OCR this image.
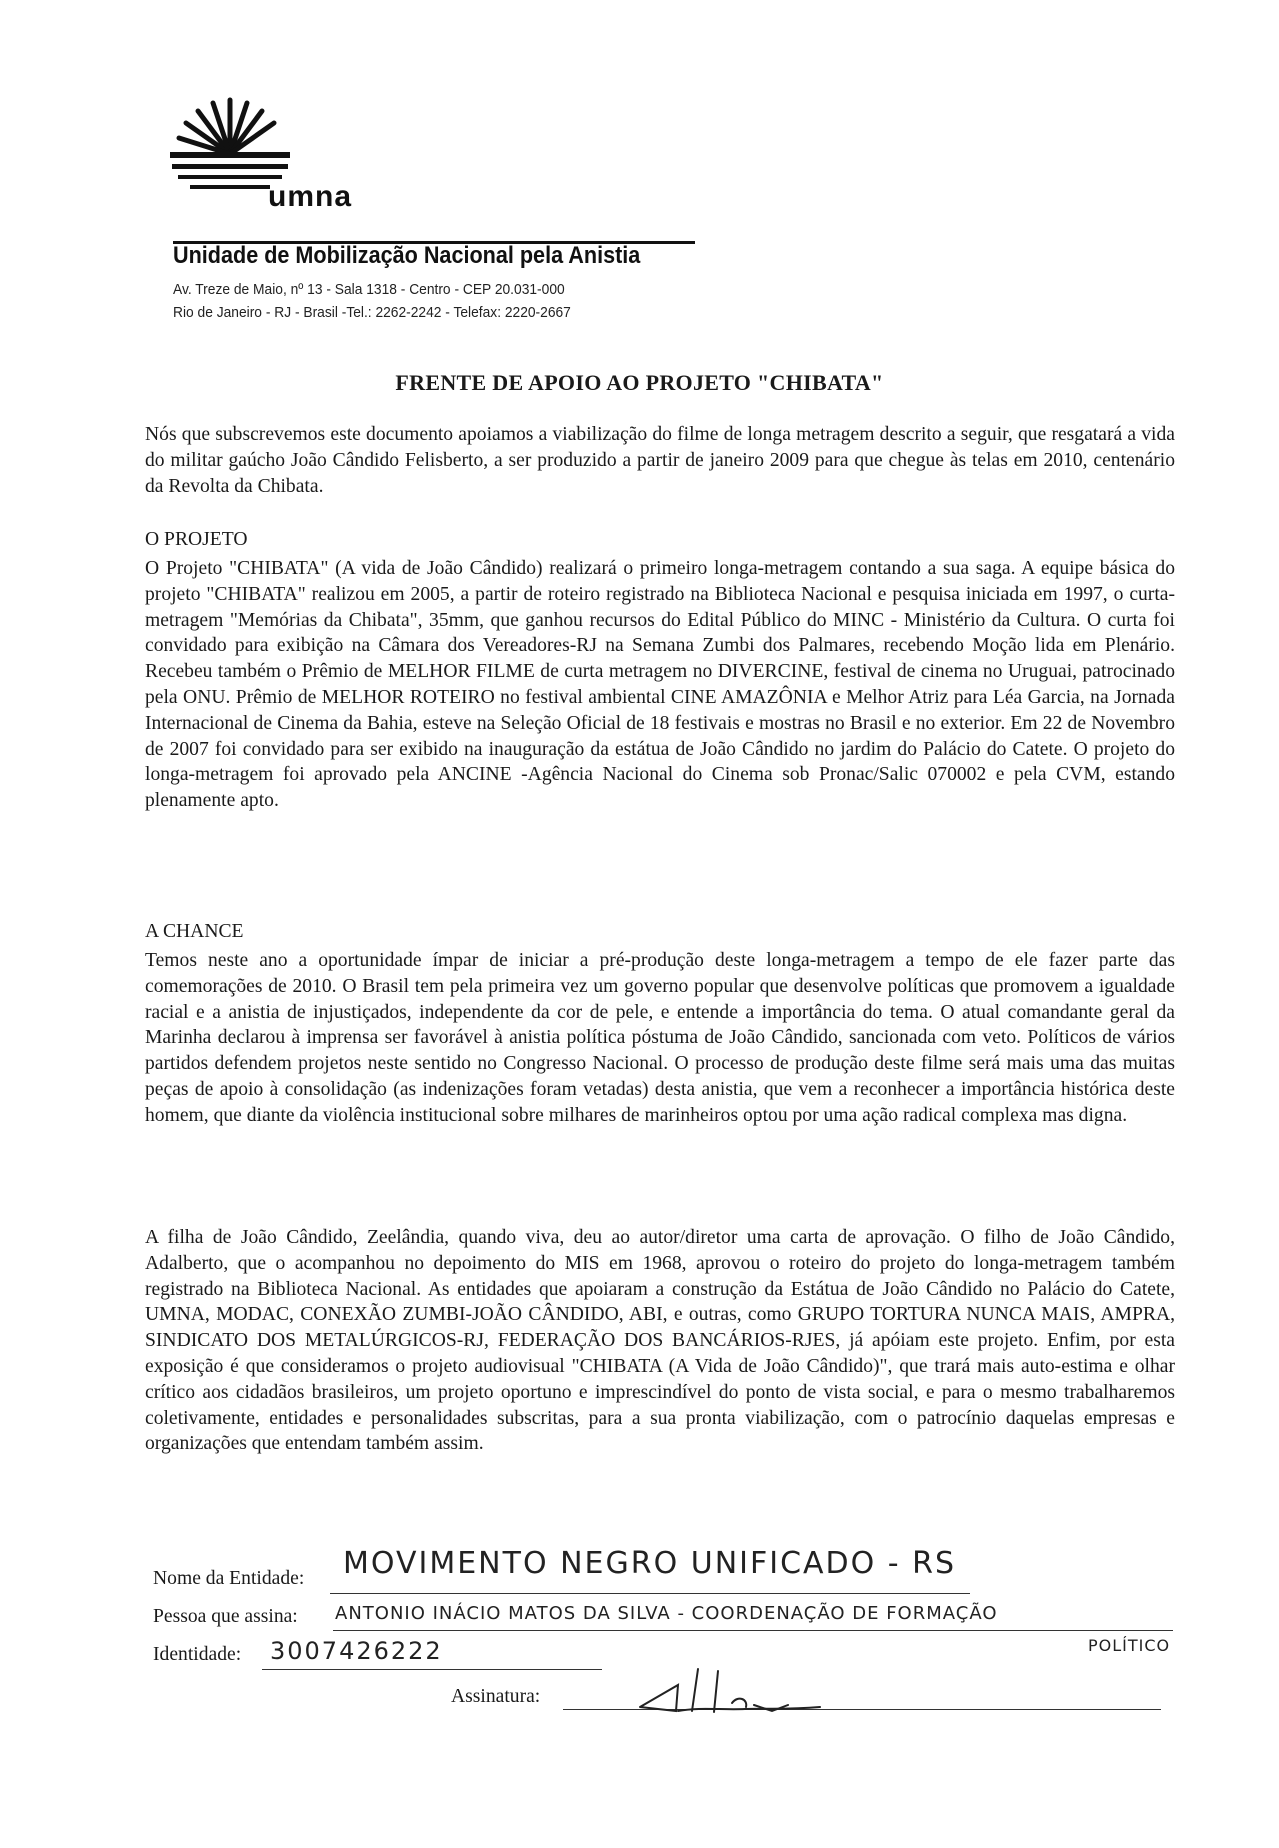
umna
Unidade de Mobilização Nacional pela Anistia
Av. Treze de Maio, nº 13 - Sala 1318 - Centro - CEP 20.031-000
Rio de Janeiro - RJ - Brasil -Tel.: 2262-2242 - Telefax: 2220-2667
FRENTE DE APOIO AO PROJETO "CHIBATA"
Nós que subscrevemos este documento apoiamos a viabilização do filme de longa metragem descrito a seguir, que resgatará a vida do militar gaúcho João Cândido Felisberto, a ser produzido a partir de janeiro 2009 para que chegue às telas em 2010, centenário da Revolta da Chibata.
O PROJETO
O Projeto "CHIBATA" (A vida de João Cândido) realizará o primeiro longa-metragem contando a sua saga. A equipe básica do projeto "CHIBATA" realizou em 2005, a partir de roteiro registrado na Biblioteca Nacional e pesquisa iniciada em 1997, o curta-metragem "Memórias da Chibata", 35mm, que ganhou recursos do Edital Público do MINC - Ministério da Cultura. O curta foi convidado para exibição na Câmara dos Vereadores-RJ na Semana Zumbi dos Palmares, recebendo Moção lida em Plenário. Recebeu também o Prêmio de MELHOR FILME de curta metragem no DIVERCINE, festival de cinema no Uruguai, patrocinado pela ONU. Prêmio de MELHOR ROTEIRO no festival ambiental CINE AMAZÔNIA e Melhor Atriz para Léa Garcia, na Jornada Internacional de Cinema da Bahia, esteve na Seleção Oficial de 18 festivais e mostras no Brasil e no exterior. Em 22 de Novembro de 2007 foi convidado para ser exibido na inauguração da estátua de João Cândido no jardim do Palácio do Catete. O projeto do longa-metragem foi aprovado pela ANCINE -Agência Nacional do Cinema sob Pronac/Salic 070002 e pela CVM, estando plenamente apto.
A CHANCE
Temos neste ano a oportunidade ímpar de iniciar a pré-produção deste longa-metragem a tempo de ele fazer parte das comemorações de 2010. O Brasil tem pela primeira vez um governo popular que desenvolve políticas que promovem a igualdade racial e a anistia de injustiçados, independente da cor de pele, e entende a importância do tema. O atual comandante geral da Marinha declarou à imprensa ser favorável à anistia política póstuma de João Cândido, sancionada com veto. Políticos de vários partidos defendem projetos neste sentido no Congresso Nacional. O processo de produção deste filme será mais uma das muitas peças de apoio à consolidação (as indenizações foram vetadas) desta anistia, que vem a reconhecer a importância histórica deste homem, que diante da violência institucional sobre milhares de marinheiros optou por uma ação radical complexa mas digna.
A filha de João Cândido, Zeelândia, quando viva, deu ao autor/diretor uma carta de aprovação. O filho de João Cândido, Adalberto, que o acompanhou no depoimento do MIS em 1968, aprovou o roteiro do projeto do longa-metragem também registrado na Biblioteca Nacional. As entidades que apoiaram a construção da Estátua de João Cândido no Palácio do Catete, UMNA, MODAC, CONEXÃO ZUMBI-JOÃO CÂNDIDO, ABI, e outras, como GRUPO TORTURA NUNCA MAIS, AMPRA, SINDICATO DOS METALÚRGICOS-RJ, FEDERAÇÃO DOS BANCÁRIOS-RJES, já apóiam este projeto. Enfim, por esta exposição é que consideramos o projeto audiovisual "CHIBATA (A Vida de João Cândido)", que trará mais auto-estima e olhar crítico aos cidadãos brasileiros, um projeto oportuno e imprescindível do ponto de vista social, e para o mesmo trabalharemos coletivamente, entidades e personalidades subscritas, para a sua pronta viabilização, com o patrocínio daquelas empresas e organizações que entendam também assim.
Nome da Entidade: MOVIMENTO NEGRO UNIFICADO - RS
Pessoa que assina: ANTONIO INÁCIO MATOS DA SILVA - COORDENAÇÃO DE FORMAÇÃO
POLÍTICO
Identidade: 3007426222
Assinatura:
